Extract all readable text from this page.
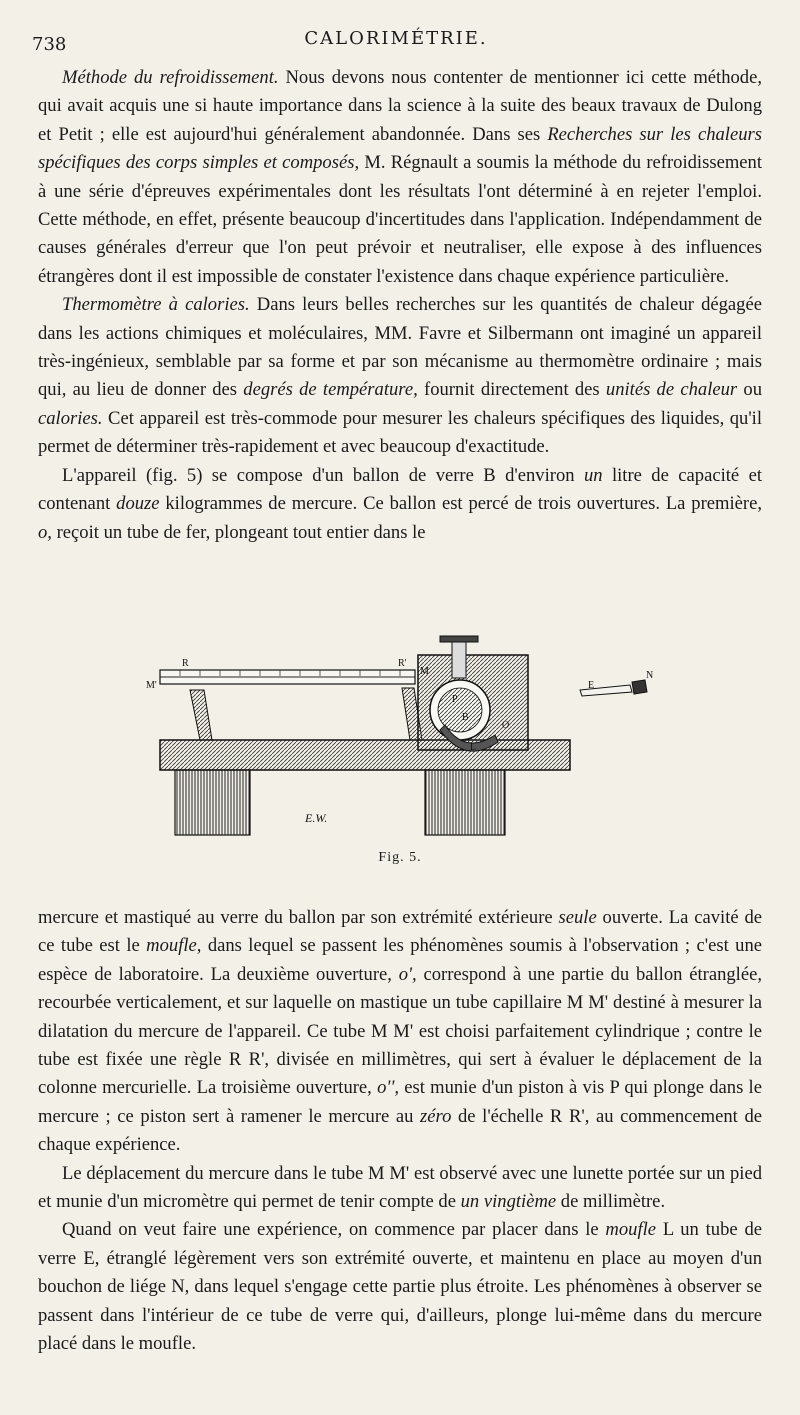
738	CALORIMÉTRIE.

Méthode du refroidissement. Nous devons nous contenter de mentionner ici cette méthode, qui avait acquis une si haute importance dans la science à la suite des beaux travaux de Dulong et Petit ; elle est aujourd'hui généralement abandonnée. Dans ses Recherches sur les chaleurs spécifiques des corps simples et composés, M. Régnault a soumis la méthode du refroidissement à une série d'épreuves expérimentales dont les résultats l'ont déterminé à en rejeter l'emploi. Cette méthode, en effet, présente beaucoup d'incertitudes dans l'application. Indépendamment de causes générales d'erreur que l'on peut prévoir et neutraliser, elle expose à des influences étrangères dont il est impossible de constater l'existence dans chaque expérience particulière.

Thermomètre à calories. Dans leurs belles recherches sur les quantités de chaleur dégagée dans les actions chimiques et moléculaires, MM. Favre et Silbermann ont imaginé un appareil très-ingénieux, semblable par sa forme et par son mécanisme au thermomètre ordinaire ; mais qui, au lieu de donner des degrés de température, fournit directement des unités de chaleur ou calories. Cet appareil est très-commode pour mesurer les chaleurs spécifiques des liquides, qu'il permet de déterminer très-rapidement et avec beaucoup d'exactitude.

L'appareil (fig. 5) se compose d'un ballon de verre B d'environ un litre de capacité et contenant douze kilogrammes de mercure. Ce ballon est percé de trois ouvertures. La première, o, reçoit un tube de fer, plongeant tout entier dans le

R	R'
M'
M
P
B
O
L
E
N
E.W.
Fig. 5.

mercure et mastiqué au verre du ballon par son extrémité extérieure seule ouverte. La cavité de ce tube est le moufle, dans lequel se passent les phénomènes soumis à l'observation ; c'est une espèce de laboratoire. La deuxième ouverture, o', correspond à une partie du ballon étranglée, recourbée verticalement, et sur laquelle on mastique un tube capillaire M M' destiné à mesurer la dilatation du mercure de l'appareil. Ce tube M M' est choisi parfaitement cylindrique ; contre le tube est fixée une règle R R', divisée en millimètres, qui sert à évaluer le déplacement de la colonne mercurielle. La troisième ouverture, o'', est munie d'un piston à vis P qui plonge dans le mercure ; ce piston sert à ramener le mercure au zéro de l'échelle R R', au commencement de chaque expérience.

Le déplacement du mercure dans le tube M M' est observé avec une lunette portée sur un pied et munie d'un micromètre qui permet de tenir compte de un vingtième de millimètre.

Quand on veut faire une expérience, on commence par placer dans le moufle L un tube de verre E, étranglé légèrement vers son extrémité ouverte, et maintenu en place au moyen d'un bouchon de liége N, dans lequel s'engage cette partie plus étroite. Les phénomènes à observer se passent dans l'intérieur de ce tube de verre qui, d'ailleurs, plonge lui-même dans du mercure placé dans le moufle.
